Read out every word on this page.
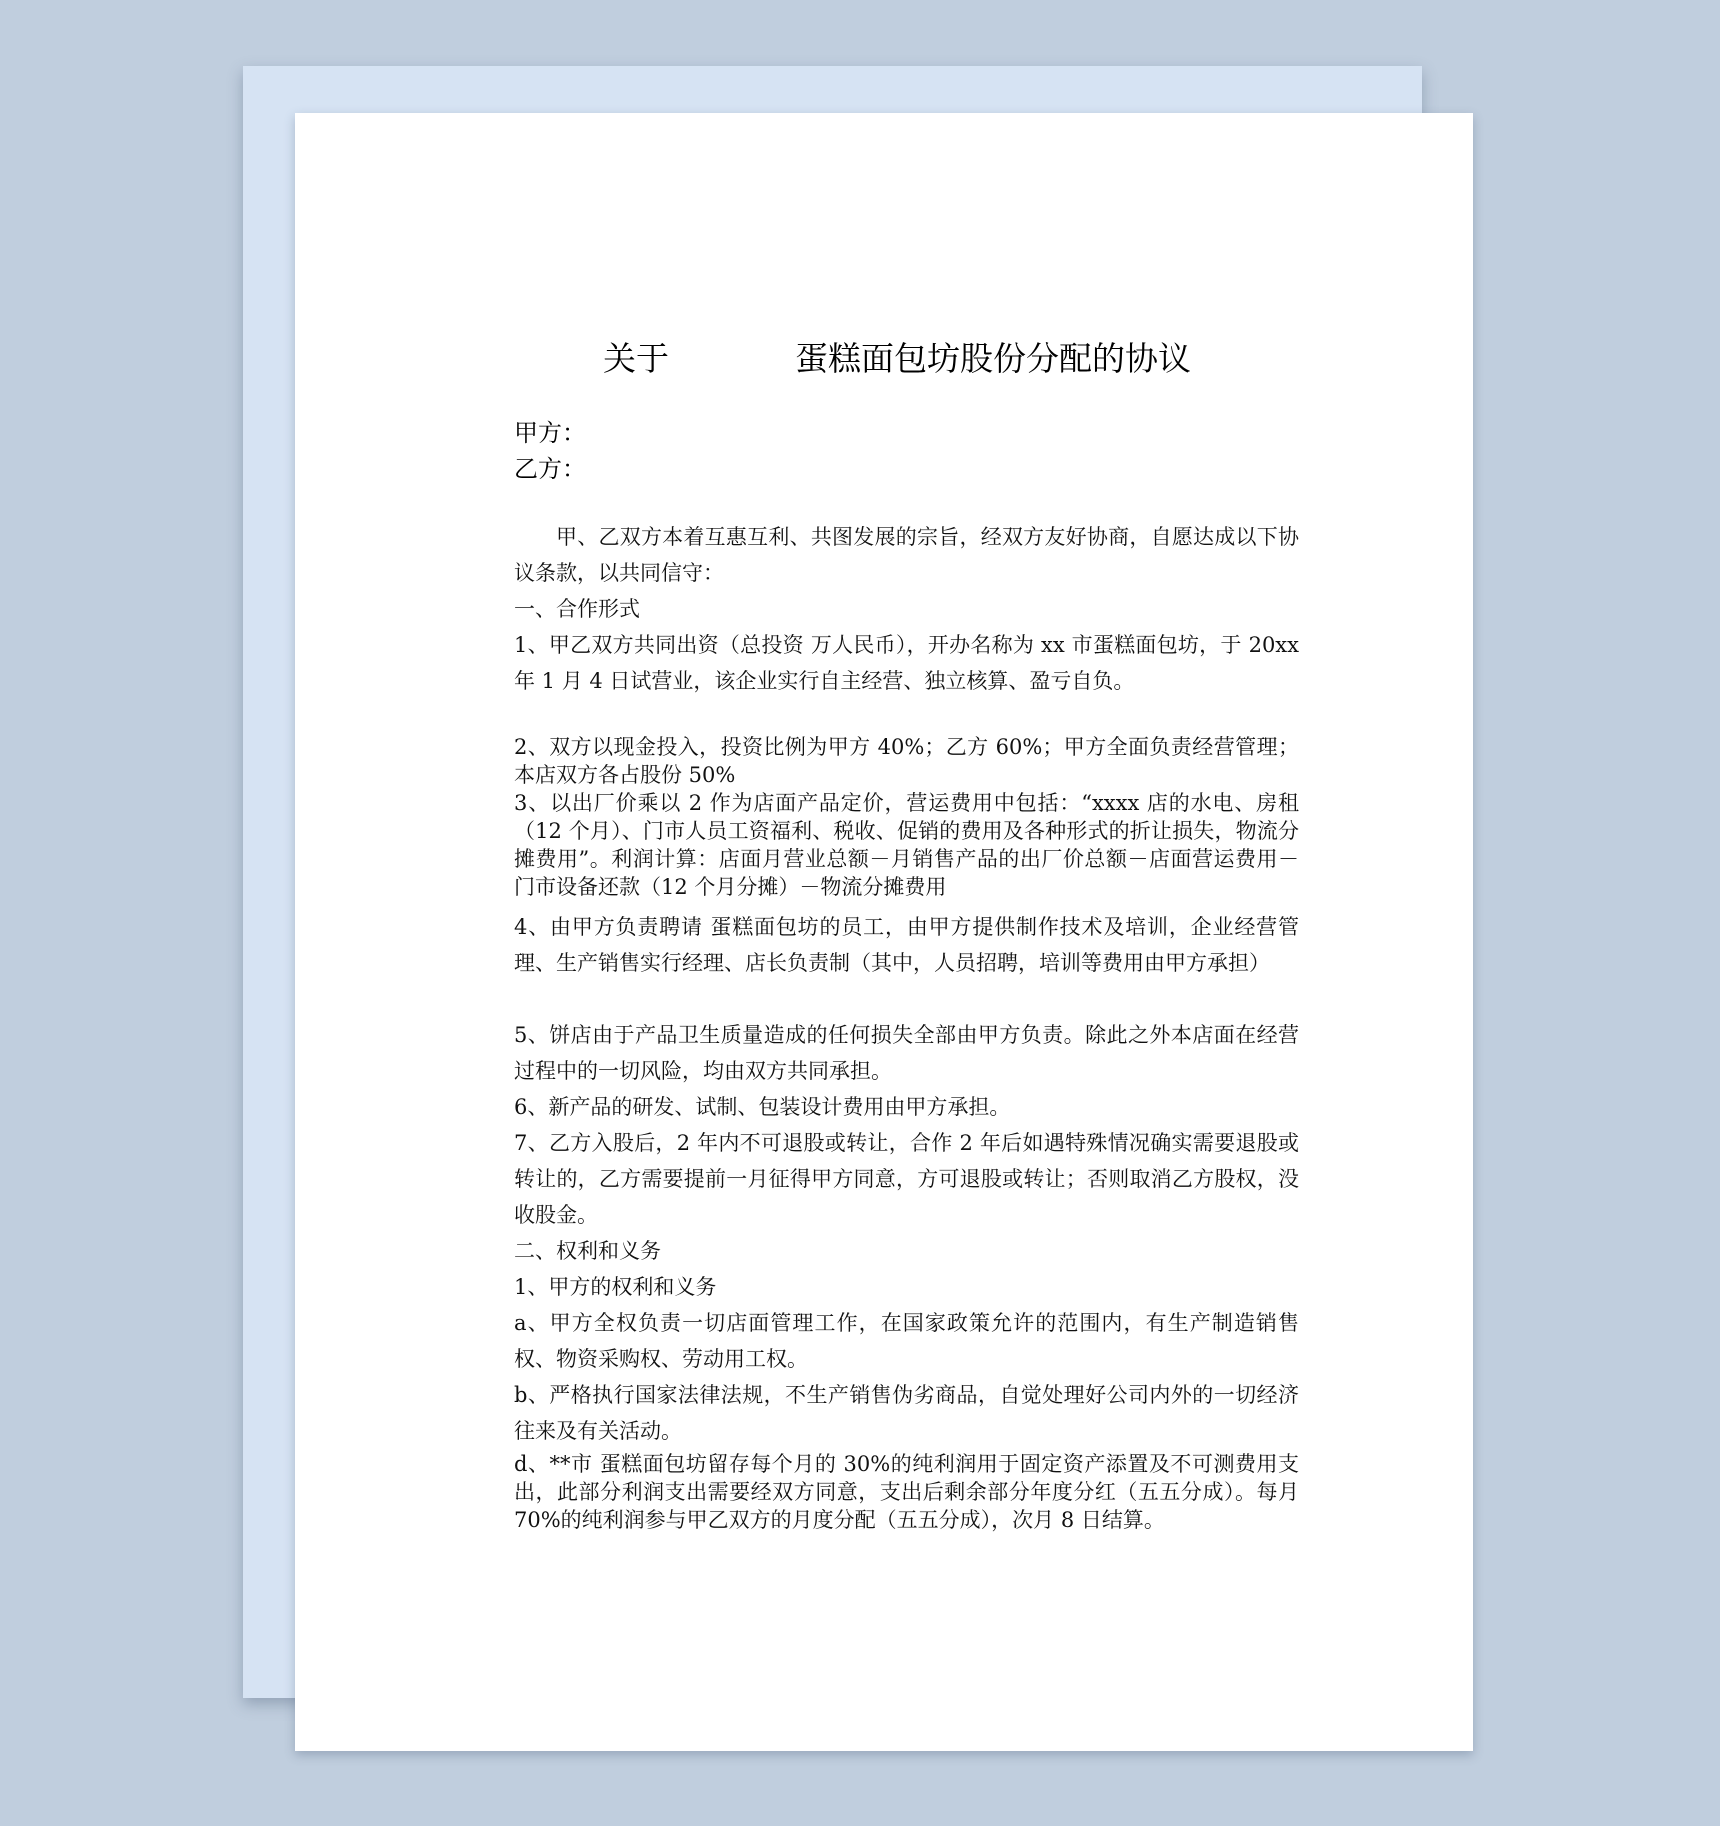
关于	蛋糕面包坊股份分配的协议
甲方：
乙方：
甲、乙双方本着互惠互利、共图发展的宗旨，经双方友好协商，自愿达成以下协议条款，以共同信守：
一、合作形式
1、甲乙双方共同出资（总投资 万人民币），开办名称为 xx 市蛋糕面包坊，于 20xx 年 1 月 4 日试营业，该企业实行自主经营、独立核算、盈亏自负。
2、双方以现金投入，投资比例为甲方 40%；乙方 60%；甲方全面负责经营管理；本店双方各占股份 50%
3、以出厂价乘以 2 作为店面产品定价，营运费用中包括：“xxxx 店的水电、房租（12 个月）、门市人员工资福利、税收、促销的费用及各种形式的折让损失，物流分摊费用”。利润计算：店面月营业总额－月销售产品的出厂价总额－店面营运费用－门市设备还款（12 个月分摊）－物流分摊费用
4、由甲方负责聘请 蛋糕面包坊的员工，由甲方提供制作技术及培训，企业经营管理、生产销售实行经理、店长负责制（其中，人员招聘，培训等费用由甲方承担）
5、饼店由于产品卫生质量造成的任何损失全部由甲方负责。除此之外本店面在经营过程中的一切风险，均由双方共同承担。
6、新产品的研发、试制、包装设计费用由甲方承担。
7、乙方入股后，2 年内不可退股或转让，合作 2 年后如遇特殊情况确实需要退股或转让的，乙方需要提前一月征得甲方同意，方可退股或转让；否则取消乙方股权，没收股金。
二、权利和义务
1、甲方的权利和义务
a、甲方全权负责一切店面管理工作，在国家政策允许的范围内，有生产制造销售权、物资采购权、劳动用工权。
b、严格执行国家法律法规，不生产销售伪劣商品，自觉处理好公司内外的一切经济往来及有关活动。
d、**市 蛋糕面包坊留存每个月的 30%的纯利润用于固定资产添置及不可测费用支出，此部分利润支出需要经双方同意，支出后剩余部分年度分红（五五分成）。每月 70%的纯利润参与甲乙双方的月度分配（五五分成），次月 8 日结算。
